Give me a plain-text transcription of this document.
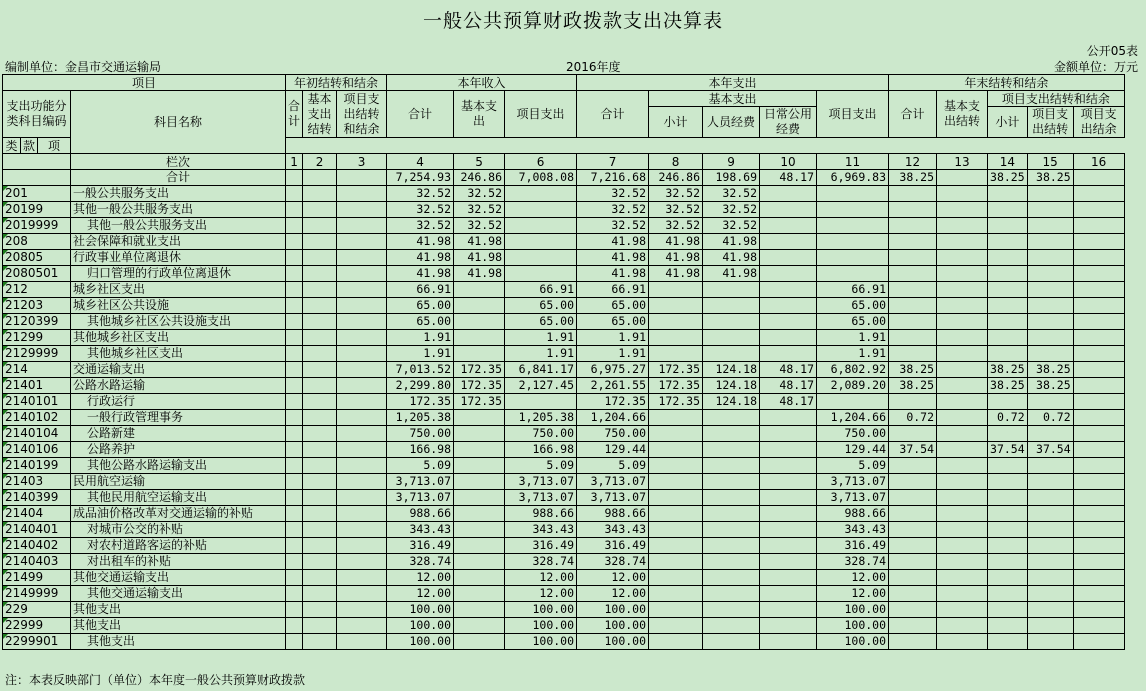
一般公共预算财政拨款支出决算表
公开05表
编制单位：金昌市交通运输局	2016年度	金额单位：万元
项目				年初结转和结余			本年收入			本年支出					年末结转和结余				
支出功能分类科目编码			科目名称	合计	基本支出结转	项目支出结转和结余	合计	基本支出	项目支出	合计	基本支出			项目支出	合计	基本支出结转	项目支出结转和结余		
											小计	人员经费	日常公用经费				小计	项目支出结转	项目支出结余
类	款	项																	
			栏次	1	2	3	4	5	6	7	8	9	10	11	12	13	14	15	16
			合计				7,254.93	246.86	7,008.08	7,216.68	246.86	198.69	48.17	6,969.83	38.25		38.25	38.25	
201			一般公共服务支出				32.52	32.52		32.52	32.52	32.52							
20199			其他一般公共服务支出				32.52	32.52		32.52	32.52	32.52							
2019999			其他一般公共服务支出				32.52	32.52		32.52	32.52	32.52							
208			社会保障和就业支出				41.98	41.98		41.98	41.98	41.98							
20805			行政事业单位离退休				41.98	41.98		41.98	41.98	41.98							
2080501			归口管理的行政单位离退休				41.98	41.98		41.98	41.98	41.98							
212			城乡社区支出				66.91		66.91	66.91				66.91					
21203			城乡社区公共设施				65.00		65.00	65.00				65.00					
2120399			其他城乡社区公共设施支出				65.00		65.00	65.00				65.00					
21299			其他城乡社区支出				1.91		1.91	1.91				1.91					
2129999			其他城乡社区支出				1.91		1.91	1.91				1.91					
214			交通运输支出				7,013.52	172.35	6,841.17	6,975.27	172.35	124.18	48.17	6,802.92	38.25		38.25	38.25	
21401			公路水路运输				2,299.80	172.35	2,127.45	2,261.55	172.35	124.18	48.17	2,089.20	38.25		38.25	38.25	
2140101			行政运行				172.35	172.35		172.35	172.35	124.18	48.17						
2140102			一般行政管理事务				1,205.38		1,205.38	1,204.66				1,204.66	0.72		0.72	0.72	
2140104			公路新建				750.00		750.00	750.00				750.00					
2140106			公路养护				166.98		166.98	129.44				129.44	37.54		37.54	37.54	
2140199			其他公路水路运输支出				5.09		5.09	5.09				5.09					
21403			民用航空运输				3,713.07		3,713.07	3,713.07				3,713.07					
2140399			其他民用航空运输支出				3,713.07		3,713.07	3,713.07				3,713.07					
21404			成品油价格改革对交通运输的补贴				988.66		988.66	988.66				988.66					
2140401			对城市公交的补贴				343.43		343.43	343.43				343.43					
2140402			对农村道路客运的补贴				316.49		316.49	316.49				316.49					
2140403			对出租车的补贴				328.74		328.74	328.74				328.74					
21499			其他交通运输支出				12.00		12.00	12.00				12.00					
2149999			其他交通运输支出				12.00		12.00	12.00				12.00					
229			其他支出				100.00		100.00	100.00				100.00					
22999			其他支出				100.00		100.00	100.00				100.00					
2299901			其他支出				100.00		100.00	100.00				100.00					
注：本表反映部门（单位）本年度一般公共预算财政拨款
